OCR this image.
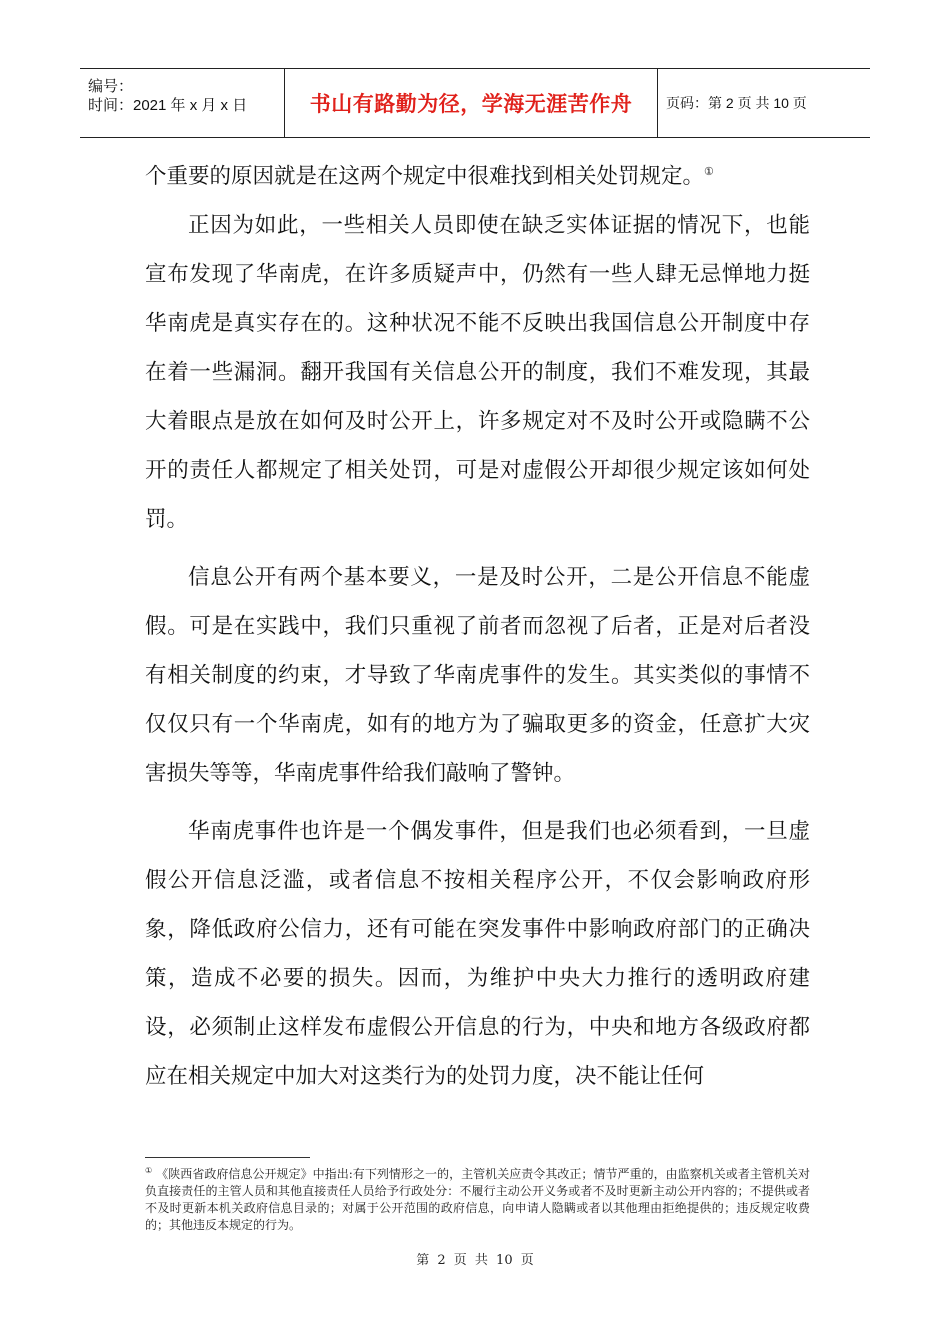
编号：
时间：2021 年 x 月 x 日	书山有路勤为径，学海无涯苦作舟 页码：第 2 页 共 10 页

个重要的原因就是在这两个规定中很难找到相关处罚规定。①

正因为如此，一些相关人员即使在缺乏实体证据的情况下，也能宣布发现了华南虎，在许多质疑声中，仍然有一些人肆无忌惮地力挺华南虎是真实存在的。这种状况不能不反映出我国信息公开制度中存在着一些漏洞。翻开我国有关信息公开的制度，我们不难发现，其最大着眼点是放在如何及时公开上，许多规定对不及时公开或隐瞒不公开的责任人都规定了相关处罚，可是对虚假公开却很少规定该如何处罚。

信息公开有两个基本要义，一是及时公开，二是公开信息不能虚假。可是在实践中，我们只重视了前者而忽视了后者，正是对后者没有相关制度的约束，才导致了华南虎事件的发生。其实类似的事情不仅仅只有一个华南虎，如有的地方为了骗取更多的资金，任意扩大灾害损失等等，华南虎事件给我们敲响了警钟。

华南虎事件也许是一个偶发事件，但是我们也必须看到，一旦虚假公开信息泛滥，或者信息不按相关程序公开，不仅会影响政府形象，降低政府公信力，还有可能在突发事件中影响政府部门的正确决策，造成不必要的损失。因而，为维护中央大力推行的透明政府建设，必须制止这样发布虚假公开信息的行为，中央和地方各级政府都应在相关规定中加大对这类行为的处罚力度，决不能让任何

① 《陕西省政府信息公开规定》中指出:有下列情形之一的，主管机关应责令其改正；情节严重的，由监察机关或者主管机关对负直接责任的主管人员和其他直接责任人员给予行政处分：不履行主动公开义务或者不及时更新主动公开内容的；不提供或者不及时更新本机关政府信息目录的；对属于公开范围的政府信息，向申请人隐瞒或者以其他理由拒绝提供的；违反规定收费的；其他违反本规定的行为。
第 2 页 共 10 页
